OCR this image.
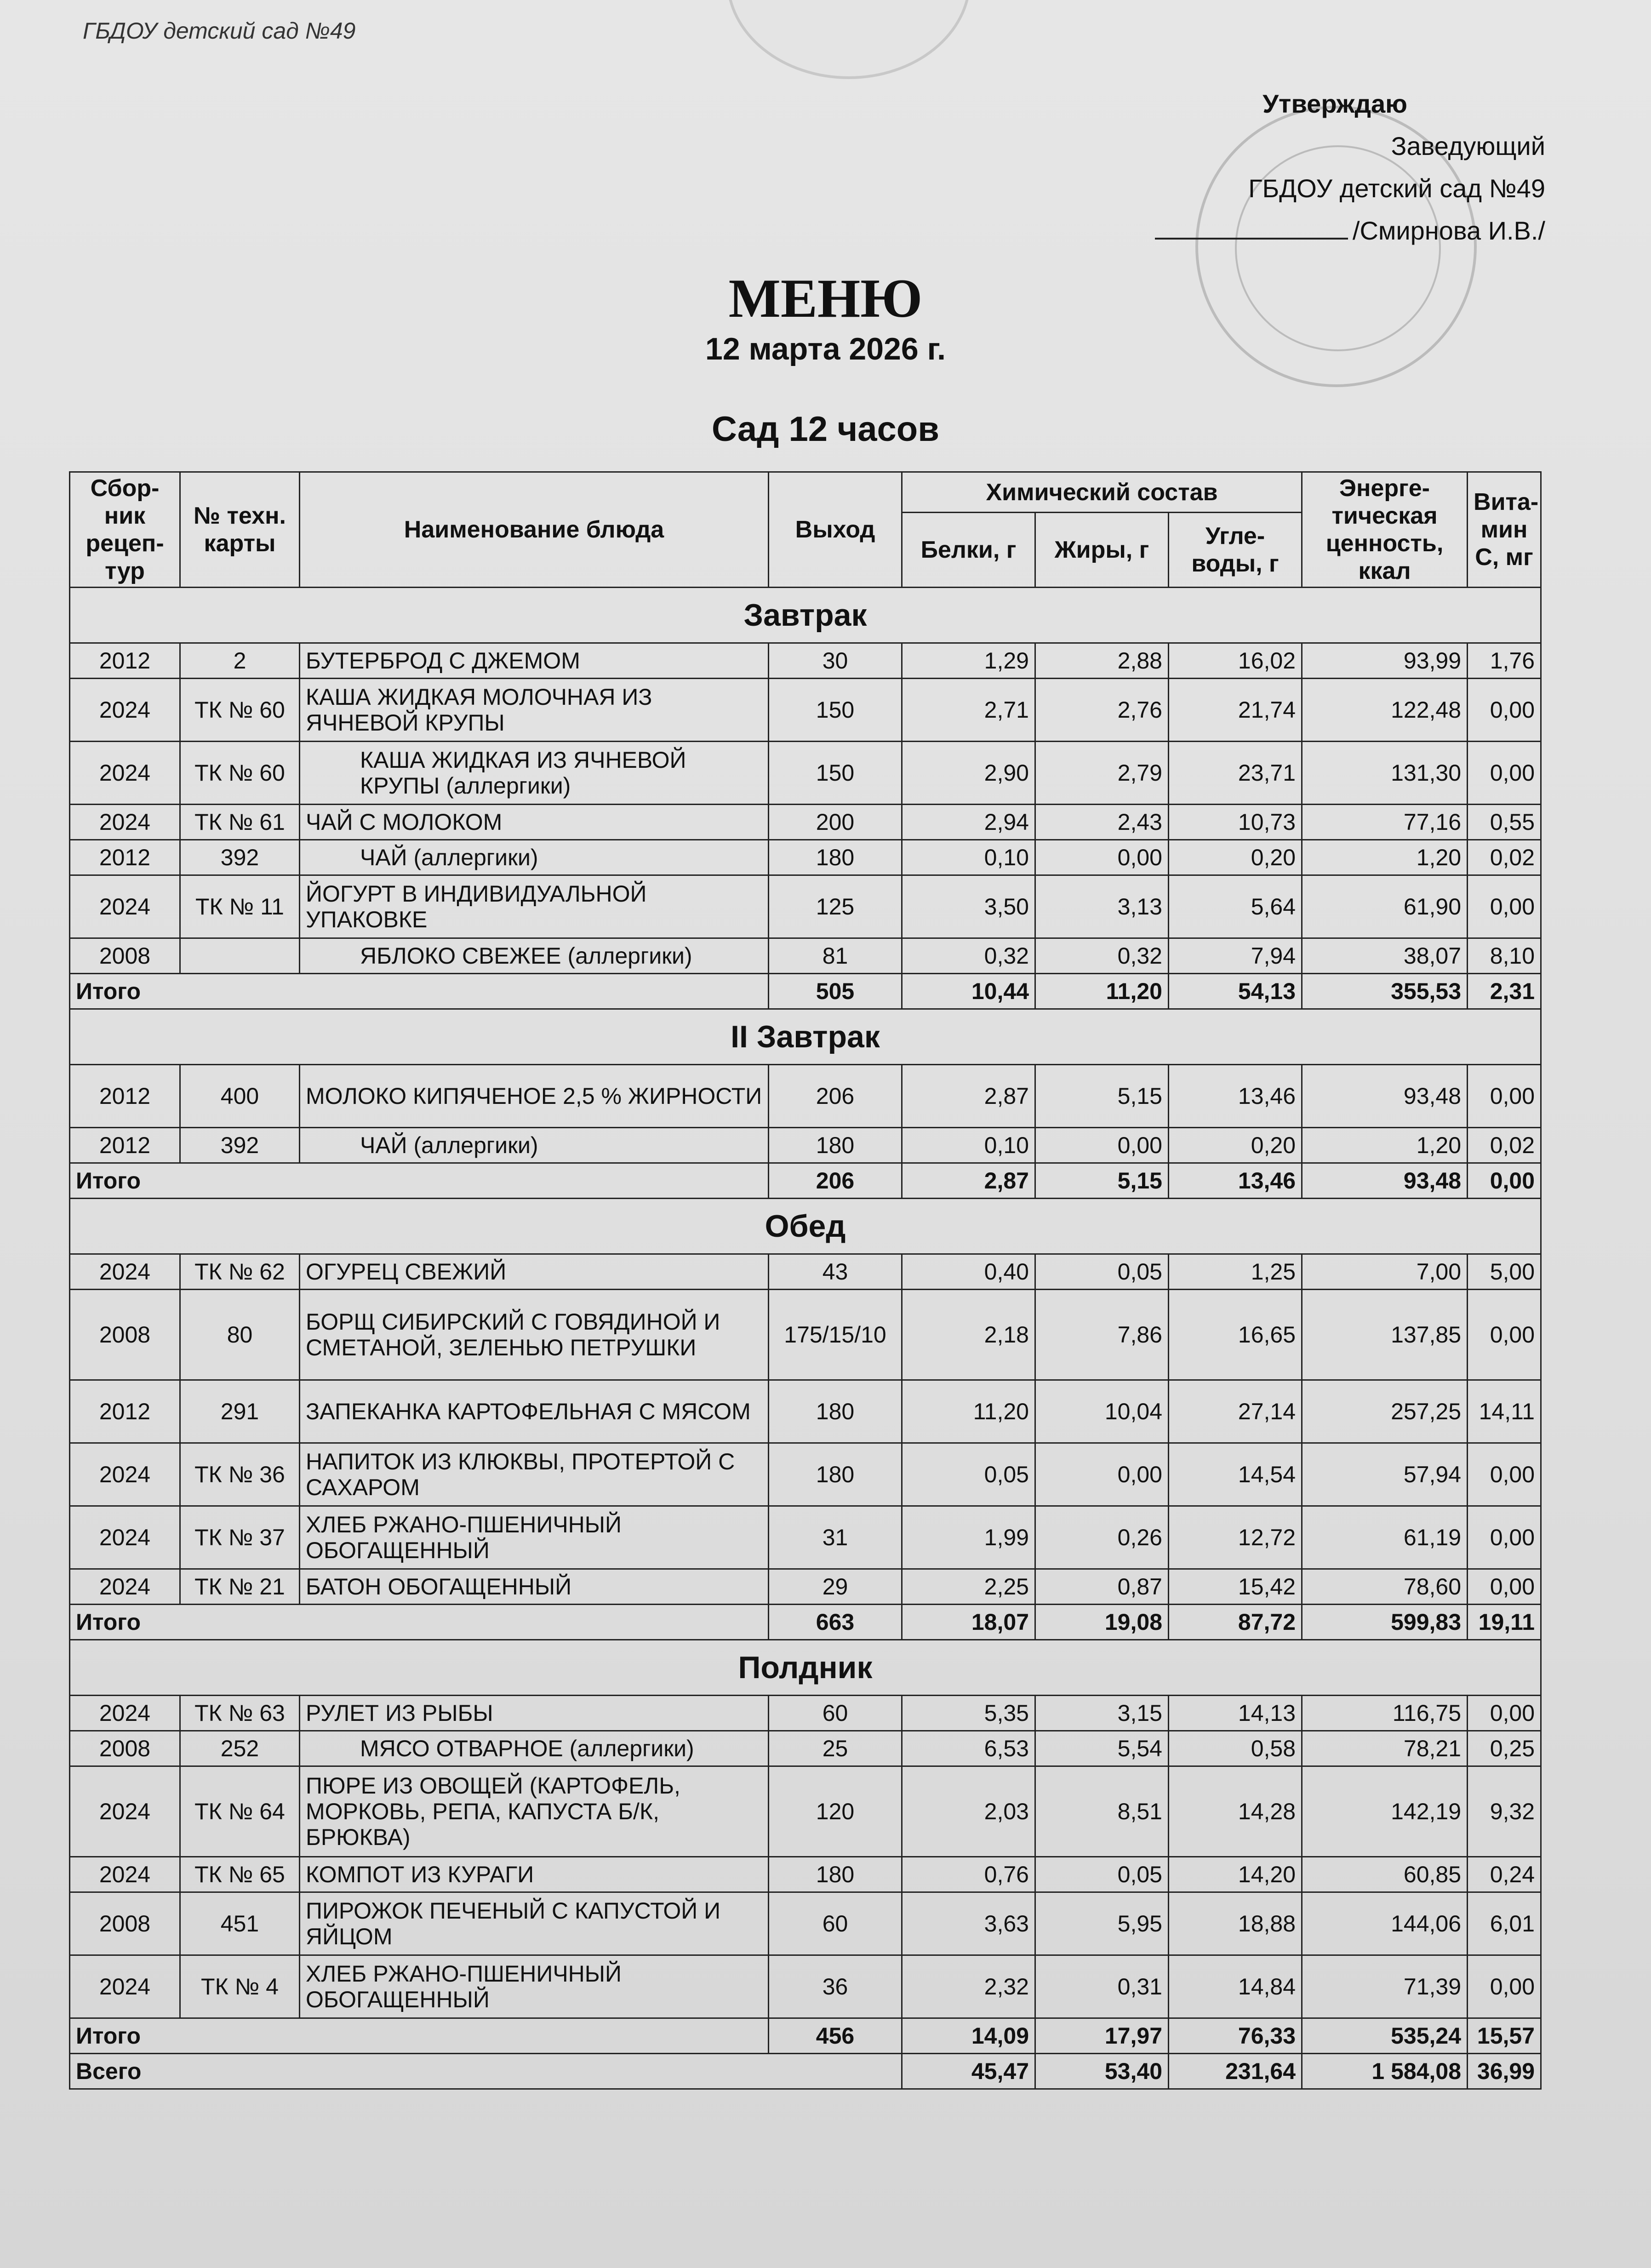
ГБДОУ детский сад №49
Утверждаю
Заведующий
ГБДОУ детский сад №49
/Смирнова И.В./
МЕНЮ
12 марта 2026 г.
Сад 12 часов
Сбор-ник рецеп-тур	№ техн. карты	Наименование блюда	Выход	Химический состав			Энерге-тическая ценность, ккал	Вита-мин С, мг
				Белки, г	Жиры, г	Угле-воды, г		
Завтрак								
2012	2	БУТЕРБРОД С ДЖЕМОМ	30	1,29	2,88	16,02	93,99	1,76
2024	ТК № 60	КАША ЖИДКАЯ МОЛОЧНАЯ ИЗ ЯЧНЕВОЙ КРУПЫ	150	2,71	2,76	21,74	122,48	0,00
2024	ТК № 60	КАША ЖИДКАЯ ИЗ ЯЧНЕВОЙ КРУПЫ (аллергики)	150	2,90	2,79	23,71	131,30	0,00
2024	ТК № 61	ЧАЙ С МОЛОКОМ	200	2,94	2,43	10,73	77,16	0,55
2012	392	ЧАЙ (аллергики)	180	0,10	0,00	0,20	1,20	0,02
2024	ТК № 11	ЙОГУРТ В ИНДИВИДУАЛЬНОЙ УПАКОВКЕ	125	3,50	3,13	5,64	61,90	0,00
2008		ЯБЛОКО СВЕЖЕЕ (аллергики)	81	0,32	0,32	7,94	38,07	8,10
Итого			505	10,44	11,20	54,13	355,53	2,31
II Завтрак								
2012	400	МОЛОКО КИПЯЧЕНОЕ 2,5 % ЖИРНОСТИ	206	2,87	5,15	13,46	93,48	0,00
2012	392	ЧАЙ (аллергики)	180	0,10	0,00	0,20	1,20	0,02
Итого			206	2,87	5,15	13,46	93,48	0,00
Обед								
2024	ТК № 62	ОГУРЕЦ СВЕЖИЙ	43	0,40	0,05	1,25	7,00	5,00
2008	80	БОРЩ СИБИРСКИЙ С ГОВЯДИНОЙ И СМЕТАНОЙ, ЗЕЛЕНЬЮ ПЕТРУШКИ	175/15/10	2,18	7,86	16,65	137,85	0,00
2012	291	ЗАПЕКАНКА КАРТОФЕЛЬНАЯ С МЯСОМ	180	11,20	10,04	27,14	257,25	14,11
2024	ТК № 36	НАПИТОК ИЗ КЛЮКВЫ, ПРОТЕРТОЙ С САХАРОМ	180	0,05	0,00	14,54	57,94	0,00
2024	ТК № 37	ХЛЕБ РЖАНО-ПШЕНИЧНЫЙ ОБОГАЩЕННЫЙ	31	1,99	0,26	12,72	61,19	0,00
2024	ТК № 21	БАТОН ОБОГАЩЕННЫЙ	29	2,25	0,87	15,42	78,60	0,00
Итого			663	18,07	19,08	87,72	599,83	19,11
Полдник								
2024	ТК № 63	РУЛЕТ ИЗ РЫБЫ	60	5,35	3,15	14,13	116,75	0,00
2008	252	МЯСО ОТВАРНОЕ (аллергики)	25	6,53	5,54	0,58	78,21	0,25
2024	ТК № 64	ПЮРЕ ИЗ ОВОЩЕЙ (КАРТОФЕЛЬ, МОРКОВЬ, РЕПА, КАПУСТА Б/К, БРЮКВА)	120	2,03	8,51	14,28	142,19	9,32
2024	ТК № 65	КОМПОТ ИЗ КУРАГИ	180	0,76	0,05	14,20	60,85	0,24
2008	451	ПИРОЖОК ПЕЧЕНЫЙ С КАПУСТОЙ И ЯЙЦОМ	60	3,63	5,95	18,88	144,06	6,01
2024	ТК № 4	ХЛЕБ РЖАНО-ПШЕНИЧНЫЙ ОБОГАЩЕННЫЙ	36	2,32	0,31	14,84	71,39	0,00
Итого			456	14,09	17,97	76,33	535,24	15,57
Всего				45,47	53,40	231,64	1 584,08	36,99
